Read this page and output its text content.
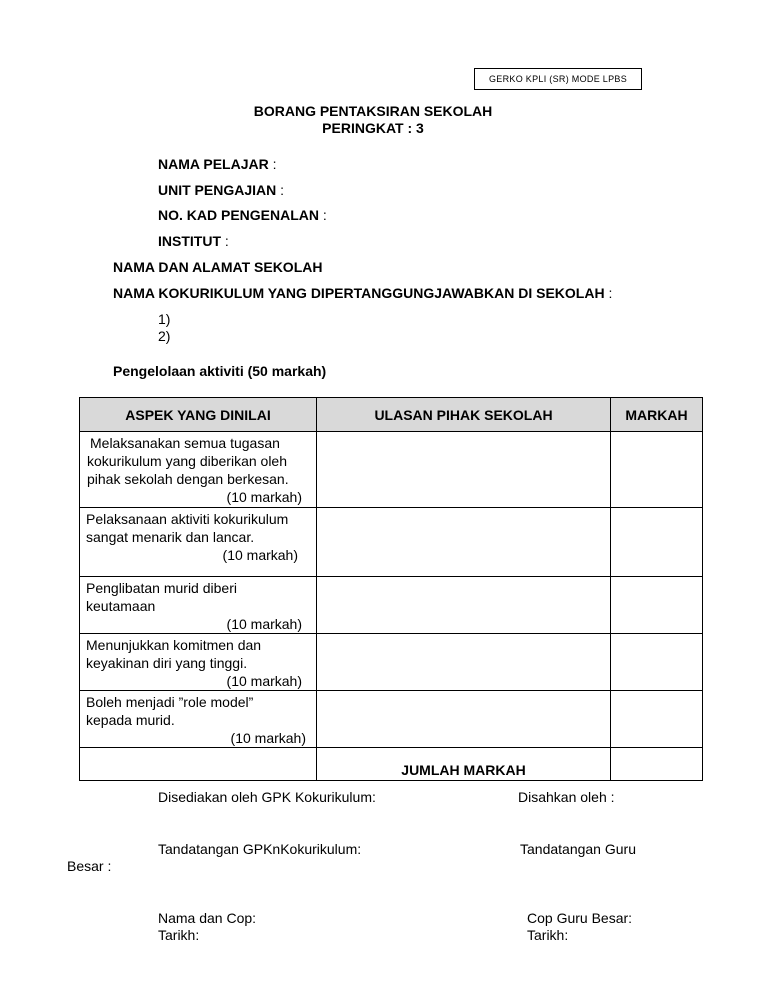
GERKO KPLI (SR) MODE LPBS
BORANG PENTAKSIRAN SEKOLAH
PERINGKAT : 3
NAMA PELAJAR :
UNIT PENGAJIAN :
NO. KAD PENGENALAN :
INSTITUT :
NAMA DAN ALAMAT SEKOLAH
NAMA KOKURIKULUM YANG DIPERTANGGUNGJAWABKAN DI SEKOLAH :
1)
2)
Pengelolaan aktiviti (50 markah)
ASPEK YANG DINILAI	ULASAN PIHAK SEKOLAH	MARKAH

Melaksanakan semua tugasan
kokurikulum yang diberikan oleh
pihak sekolah dengan berkesan.
(10 markah)		

Pelaksanaan aktiviti kokurikulum
sangat menarik dan lancar.
(10 markah)		

Penglibatan murid diberi
keutamaan
(10 markah)		

Menunjukkan komitmen dan
keyakinan diri yang tinggi.
(10 markah)		

Boleh menjadi ”role model”
kepada murid.
(10 markah)		

	JUMLAH MARKAH	
Disediakan oleh GPK Kokurikulum:	Disahkan oleh :
Tandatangan GPKnKokurikulum:	Tandatangan Guru
Besar :
Nama dan Cop:
Tarikh:
Cop Guru Besar:
Tarikh:
